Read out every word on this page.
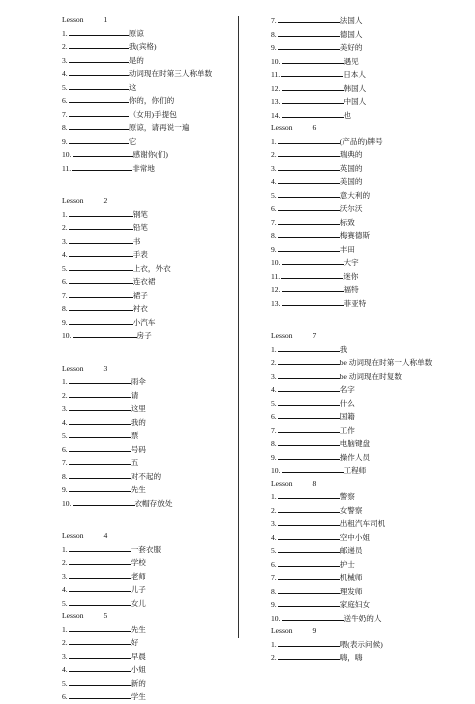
Lesson	1
1.	原谅
2.	我(宾格)
3.	是的
4.	动词现在时第三人称单数
5.	这
6.	你的，你们的
7.	（女用)手提包
8.	原谅，请再说一遍
9.	它
10.	感谢你(们)
11.	非常地
Lesson	2
1.	钢笔
2.	铅笔
3.	书
4.	手表
5.	上衣，外衣
6.	连衣裙
7.	裙子
8.	衬衣
9.	小汽车
10.	房子
Lesson	3
1.	雨伞
2.	请
3.	这里
4.	我的
5.	票
6.	号码
7.	五
8.	对不起的
9.	先生
10.	衣帽存放处
Lesson	4
1.	一套衣服
2.	学校
3.	老师
4.	儿子
5.	女儿
Lesson	5
1.	先生
2.	好
3.	早晨
4.	小姐
5.	新的
6.	学生
7.	法国人
8.	德国人
9.	美好的
10.	遇见
11.	日本人
12.	韩国人
13.	中国人
14.	也
Lesson	6
1.	(产品的)牌号
2.	瑞典的
3.	英国的
4.	美国的
5.	意大利的
6.	沃尔沃
7.	标致
8.	梅赛德斯
9.	丰田
10.	大宇
11.	迷你
12.	福特
13.	菲亚特
Lesson	7
1.	我
2.	be 动词现在时第一人称单数
3.	be 动词现在时复数
4.	名字
5.	什么
6.	国籍
7.	工作
8.	电脑键盘
9.	操作人员
10.	工程师
Lesson	8
1.	警察
2.	女警察
3.	出租汽车司机
4.	空中小姐
5.	邮递员
6.	护士
7.	机械师
8.	理发师
9.	家庭妇女
10.	送牛奶的人
Lesson	9
1.	喂(表示问候)
2.	嗨，嗨
